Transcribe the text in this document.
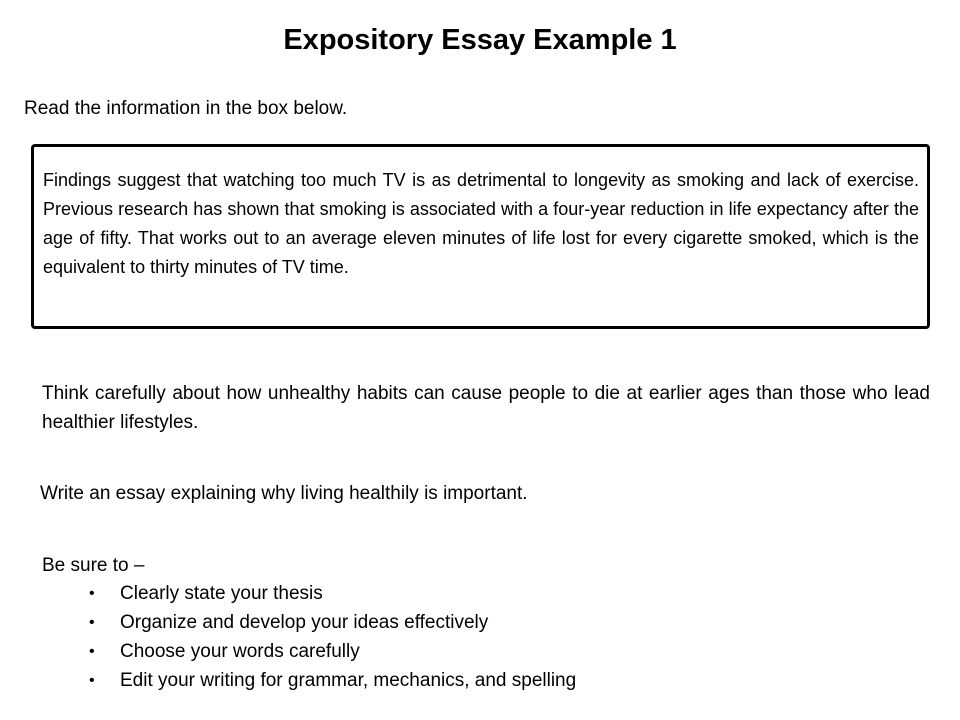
Expository Essay Example 1
Read the information in the box below.

Findings suggest that watching too much TV is as detrimental to longevity as smoking and lack of exercise. Previous research has shown that smoking is associated with a four-year reduction in life expectancy after the age of fifty. That works out to an average eleven minutes of life lost for every cigarette smoked, which is the equivalent to thirty minutes of TV time.

Think carefully about how unhealthy habits can cause people to die at earlier ages than those who lead healthier lifestyles.

Write an essay explaining why living healthily is important.

Be sure to –

• Clearly state your thesis
• Organize and develop your ideas effectively
• Choose your words carefully
• Edit your writing for grammar, mechanics, and spelling
